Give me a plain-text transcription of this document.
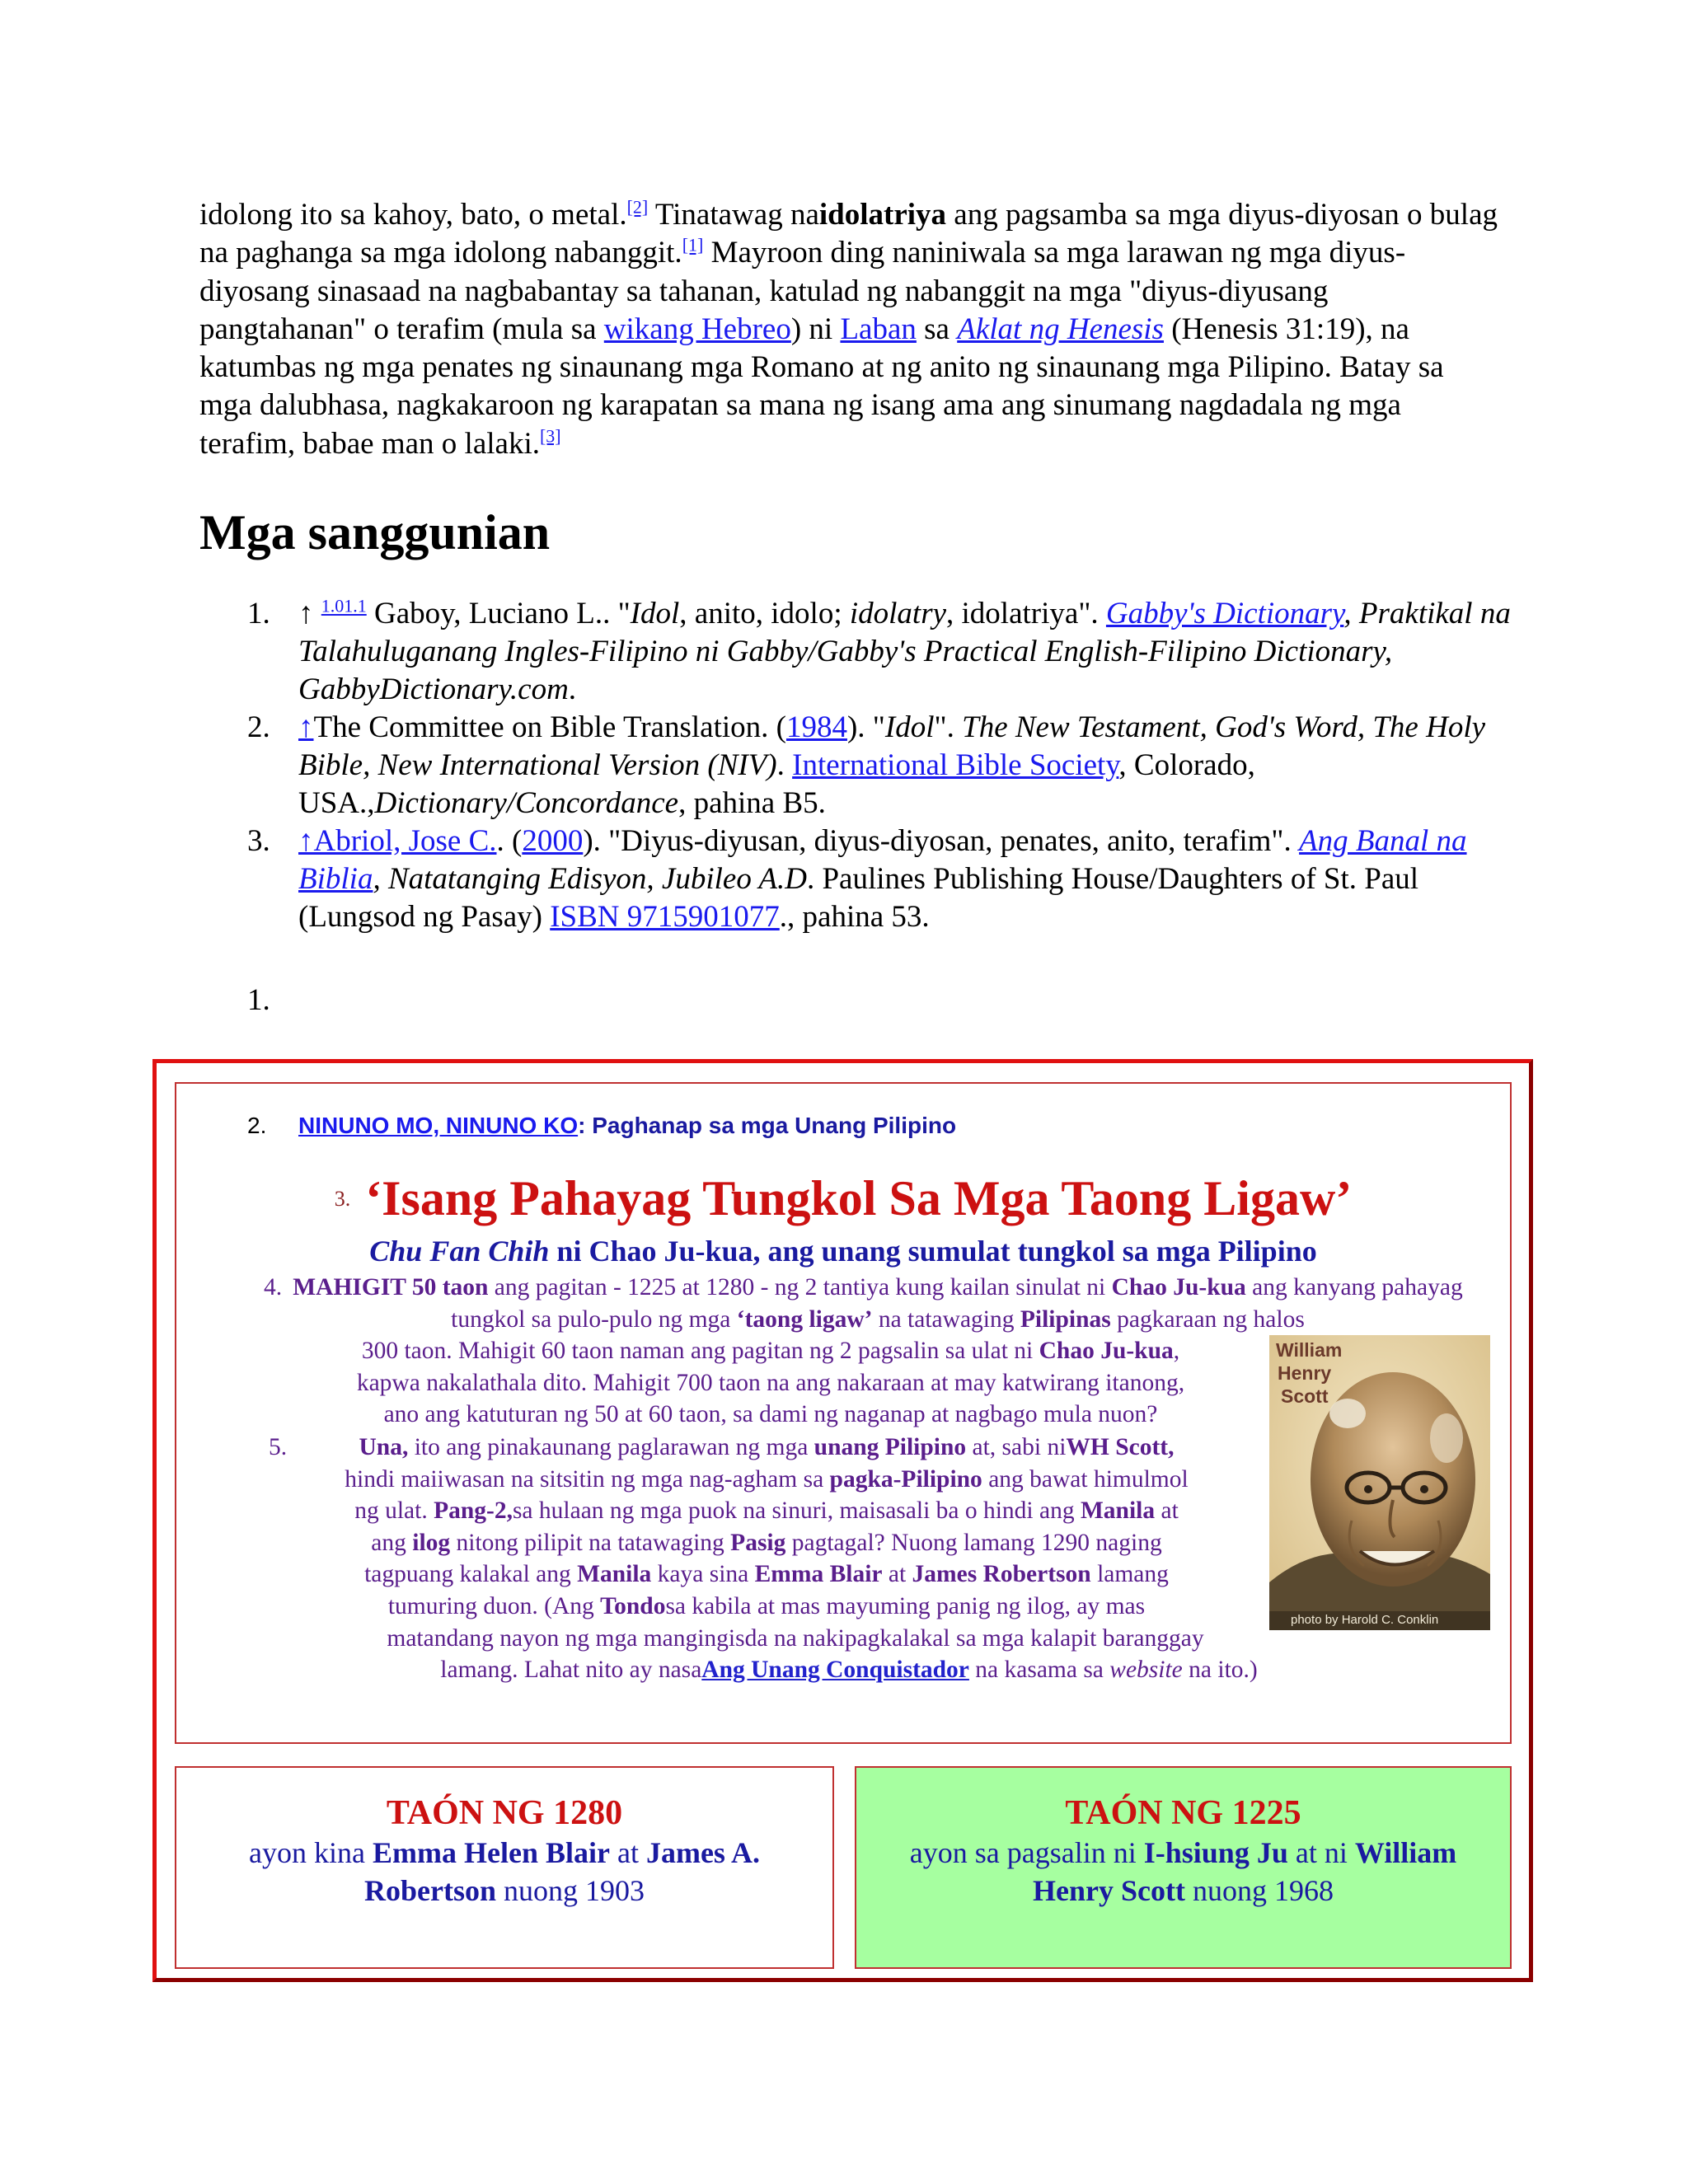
idolong ito sa kahoy, bato, o metal.[2] Tinatawag naidolatriya ang pagsamba sa mga diyus-diyosan o bulag na paghanga sa mga idolong nabanggit.[1] Mayroon ding naniniwala sa mga larawan ng mga diyus-diyosang sinasaad na nagbabantay sa tahanan, katulad ng nabanggit na mga "diyus-diyusang pangtahanan" o terafim (mula sa wikang Hebreo) ni Laban sa Aklat ng Henesis (Henesis 31:19), na katumbas ng mga penates ng sinaunang mga Romano at ng anito ng sinaunang mga Pilipino. Batay sa mga dalubhasa, nagkakaroon ng karapatan sa mana ng isang ama ang sinumang nagdadala ng mga terafim, babae man o lalaki.[3]
Mga sanggunian
1. ↑ $^{1.01.1}$ Gaboy, Luciano L.. "Idol, anito, idolo; idolatry, idolatriya". Gabby's Dictionary, Praktikal na Talahuluganang Ingles-Filipino ni Gabby/Gabby's Practical English-Filipino Dictionary, GabbyDictionary.com.
2. ↑The Committee on Bible Translation. (1984). "Idol". The New Testament, God's Word, The Holy Bible, New International Version (NIV). International Bible Society, Colorado, USA.,Dictionary/Concordance, pahina B5.
3. ↑Abriol, Jose C.. (2000). "Diyus-diyusan, diyus-diyosan, penates, anito, terafim". Ang Banal na Biblia, Natatanging Edisyon, Jubileo A.D. Paulines Publishing House/Daughters of St. Paul (Lungsod ng Pasay) ISBN 9715901077., pahina 53.
1.
2. NINUNO MO, NINUNO KO: Paghanap sa mga Unang Pilipino
3. ‘Isang Pahayag Tungkol Sa Mga Taong Ligaw’
Chu Fan Chih ni Chao Ju-kua, ang unang sumulat tungkol sa mga Pilipino
4. MAHIGIT 50 taon ang pagitan - 1225 at 1280 - ng 2 tantiya kung kailan sinulat ni Chao Ju-kua ang kanyang pahayag tungkol sa pulo-pulo ng mga ‘taong ligaw’ na tatawaging Pilipinas pagkaraan ng halos
300 taon. Mahigit 60 taon naman ang pagitan ng 2 pagsalin sa ulat ni Chao Ju-kua,
kapwa nakalathala dito. Mahigit 700 taon na ang nakaraan at may katwirang itanong,
ano ang katuturan ng 50 at 60 taon, sa dami ng naganap at nagbago mula nuon?
5.	Una, ito ang pinakaunang paglarawan ng mga unang Pilipino at, sabi niWH Scott,
hindi maiiwasan na sitsitin ng mga nag-agham sa pagka-Pilipino ang bawat himulmol
ng ulat. Pang-2,sa hulaan ng mga puok na sinuri, maisasali ba o hindi ang Manila at
ang ilog nitong pilipit na tatawaging Pasig pagtagal? Nuong lamang 1290 naging
tagpuang kalakal ang Manila kaya sina Emma Blair at James Robertson lamang
tumuring duon. (Ang Tondosa kabila at mas mayuming panig ng ilog, ay mas
matandang nayon ng mga mangingisda na nakipagkalakal sa mga kalapit baranggay
lamang. Lahat nito ay nasaAng Unang Conquistador na kasama sa website na ito.)
William
Henry
Scott
photo by Harold C. Conklin
TAÓN NG 1280
ayon kina Emma Helen Blair at James A. Robertson nuong 1903
TAÓN NG 1225
ayon sa pagsalin ni I-hsiung Ju at ni William Henry Scott nuong 1968
